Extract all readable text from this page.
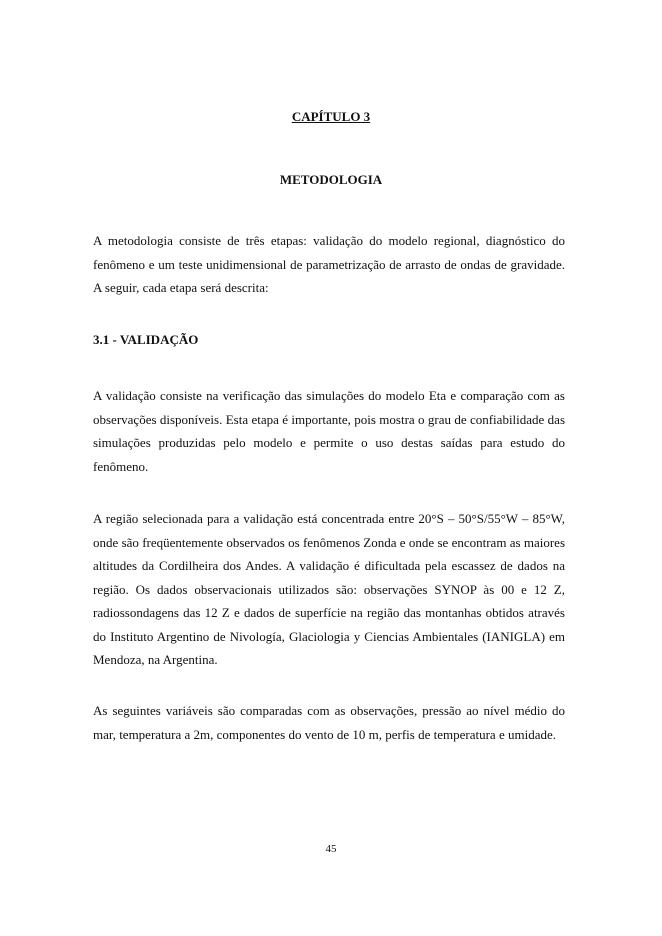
CAPÍTULO 3
METODOLOGIA

A metodologia consiste de três etapas: validação do modelo regional, diagnóstico do fenômeno e um teste unidimensional de parametrização de arrasto de ondas de gravidade. A seguir, cada etapa será descrita:

3.1 - VALIDAÇÃO

A validação consiste na verificação das simulações do modelo Eta e comparação com as observações disponíveis. Esta etapa é importante, pois mostra o grau de confiabilidade das simulações produzidas pelo modelo e permite o uso destas saídas para estudo do fenômeno.

A região selecionada para a validação está concentrada entre 20°S – 50°S/55°W – 85°W, onde são freqüentemente observados os fenômenos Zonda e onde se encontram as maiores altitudes da Cordilheira dos Andes. A validação é dificultada pela escassez de dados na região. Os dados observacionais utilizados são: observações SYNOP às 00 e 12 Z, radiossondagens das 12 Z e dados de superfície na região das montanhas obtidos através do Instituto Argentino de Nivología, Glaciologia y Ciencias Ambientales (IANIGLA) em Mendoza, na Argentina.

As seguintes variáveis são comparadas com as observações, pressão ao nível médio do mar, temperatura a 2m, componentes do vento de 10 m, perfis de temperatura e umidade.

45
